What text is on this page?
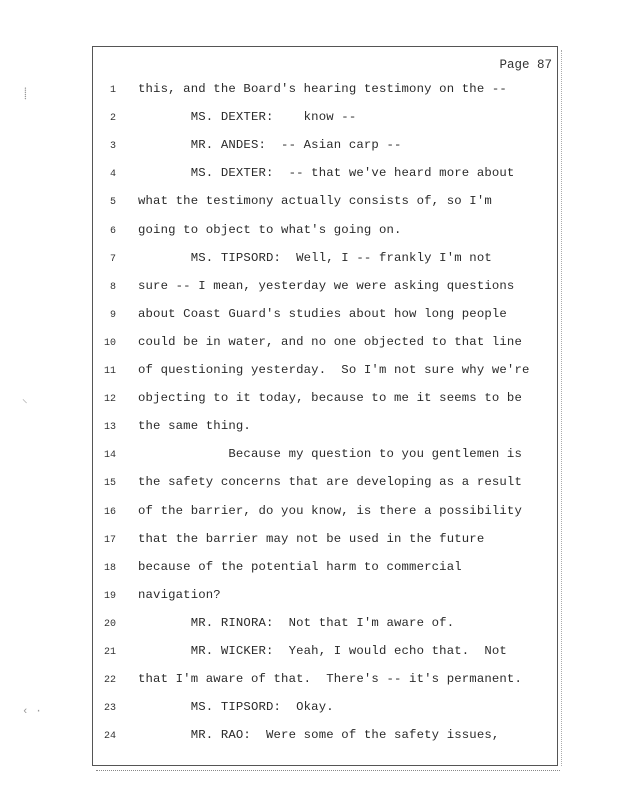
⸽
⸌
‹ ·
Page 87
1 this, and the Board's hearing testimony on the --
2 MS. DEXTER:    know --
3 MR. ANDES:  -- Asian carp --
4 MS. DEXTER:  -- that we've heard more about
5 what the testimony actually consists of, so I'm
6 going to object to what's going on.
7 MS. TIPSORD:  Well, I -- frankly I'm not
8 sure -- I mean, yesterday we were asking questions
9 about Coast Guard's studies about how long people
10 could be in water, and no one objected to that line
11 of questioning yesterday.  So I'm not sure why we're
12 objecting to it today, because to me it seems to be
13 the same thing.
14 Because my question to you gentlemen is
15 the safety concerns that are developing as a result
16 of the barrier, do you know, is there a possibility
17 that the barrier may not be used in the future
18 because of the potential harm to commercial
19 navigation?
20 MR. RINORA:  Not that I'm aware of.
21 MR. WICKER:  Yeah, I would echo that.  Not
22 that I'm aware of that.  There's -- it's permanent.
23 MS. TIPSORD:  Okay.
24 MR. RAO:  Were some of the safety issues,
